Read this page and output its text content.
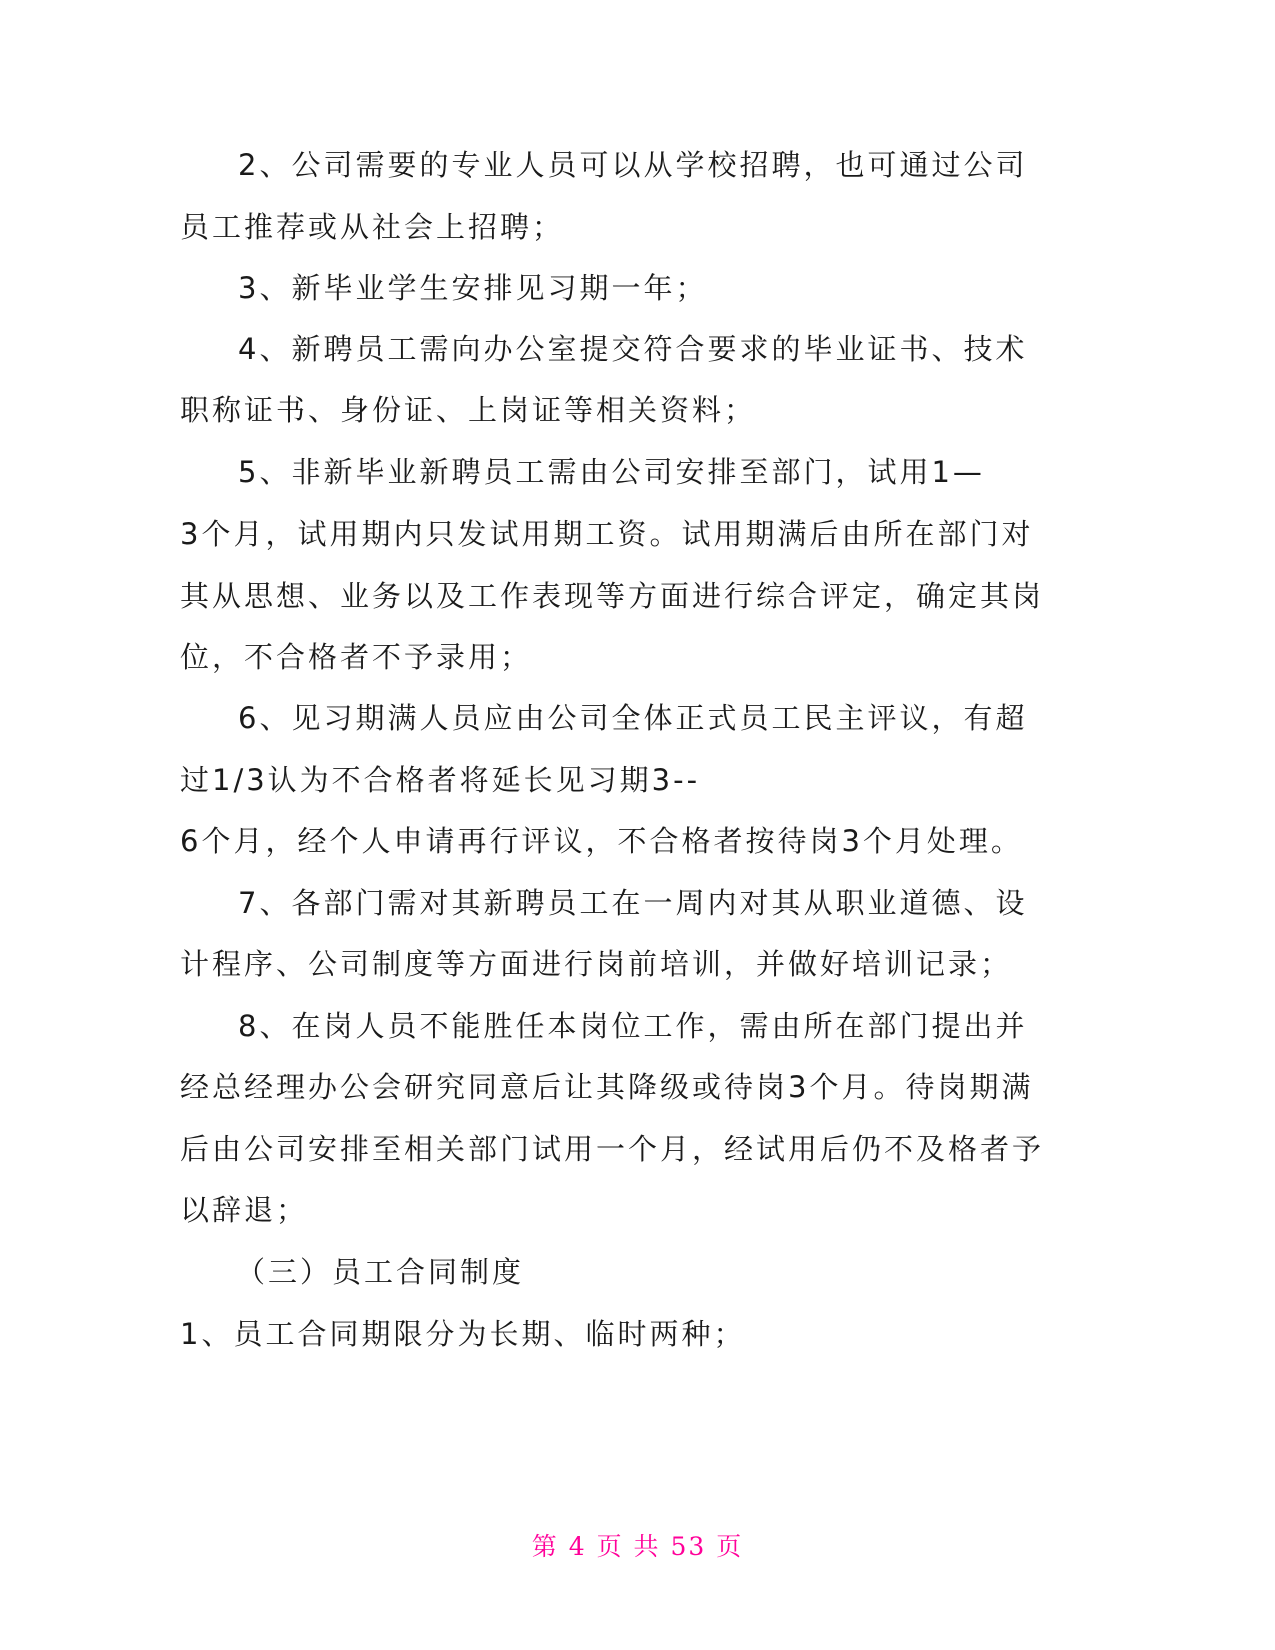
2、公司需要的专业人员可以从学校招聘，也可通过公司
员工推荐或从社会上招聘；
3、新毕业学生安排见习期一年；
4、新聘员工需向办公室提交符合要求的毕业证书、技术
职称证书、身份证、上岗证等相关资料；
5、非新毕业新聘员工需由公司安排至部门，试用1—
3个月，试用期内只发试用期工资。试用期满后由所在部门对
其从思想、业务以及工作表现等方面进行综合评定，确定其岗
位，不合格者不予录用；
6、见习期满人员应由公司全体正式员工民主评议，有超
过1/3认为不合格者将延长见习期3--
6个月，经个人申请再行评议，不合格者按待岗3个月处理。
7、各部门需对其新聘员工在一周内对其从职业道德、设
计程序、公司制度等方面进行岗前培训，并做好培训记录；
8、在岗人员不能胜任本岗位工作，需由所在部门提出并
经总经理办公会研究同意后让其降级或待岗3个月。待岗期满
后由公司安排至相关部门试用一个月，经试用后仍不及格者予
以辞退；
（三）员工合同制度
1、员工合同期限分为长期、临时两种；
第 4 页 共 53 页
